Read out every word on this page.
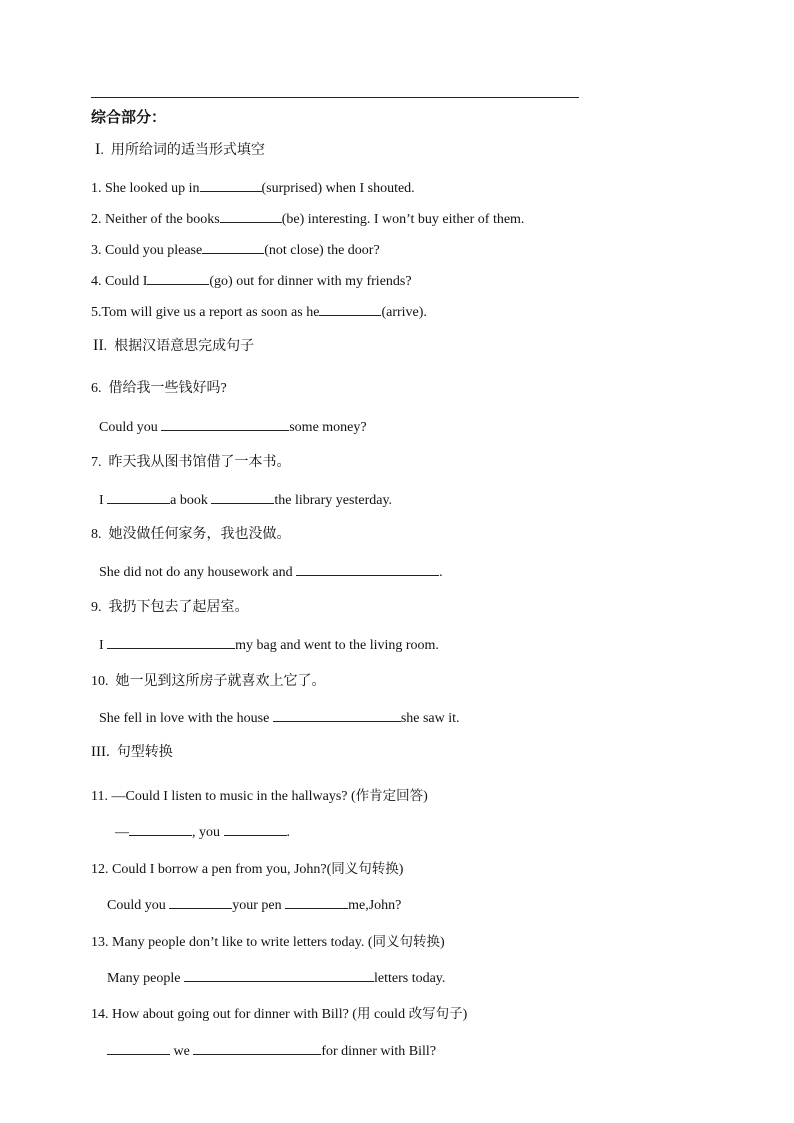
综合部分：
I. 用所给词的适当形式填空
1. She looked up in	(surprised) when I shouted.
2. Neither of the books	(be) interesting. I won’t buy either of them.
3. Could you please	(not close) the door?
4. Could I	(go) out for dinner with my friends?
5.Tom will give us a report as soon as he	(arrive).
II. 根据汉语意思完成句子
6. 借给我一些钱好吗?
Could you	some money?
7. 昨天我从图书馆借了一本书。
I	a book	the library yesterday.
8. 她没做任何家务，我也没做。
She did not do any housework and	.
9. 我扔下包去了起居室。
I	my bag and went to the living room.
10. 她一见到这所房子就喜欢上它了。
She fell in love with the house	she saw it.
III. 句型转换
11. —Could I listen to music in the hallways? (作肯定回答)
—	, you	.
12. Could I borrow a pen from you, John?(同义句转换)
Could you	your pen	me,John?
13. Many people don’t like to write letters today. (同义句转换)
Many people	letters today.
14. How about going out for dinner with Bill? (用 could 改写句子)
we	for dinner with Bill?
